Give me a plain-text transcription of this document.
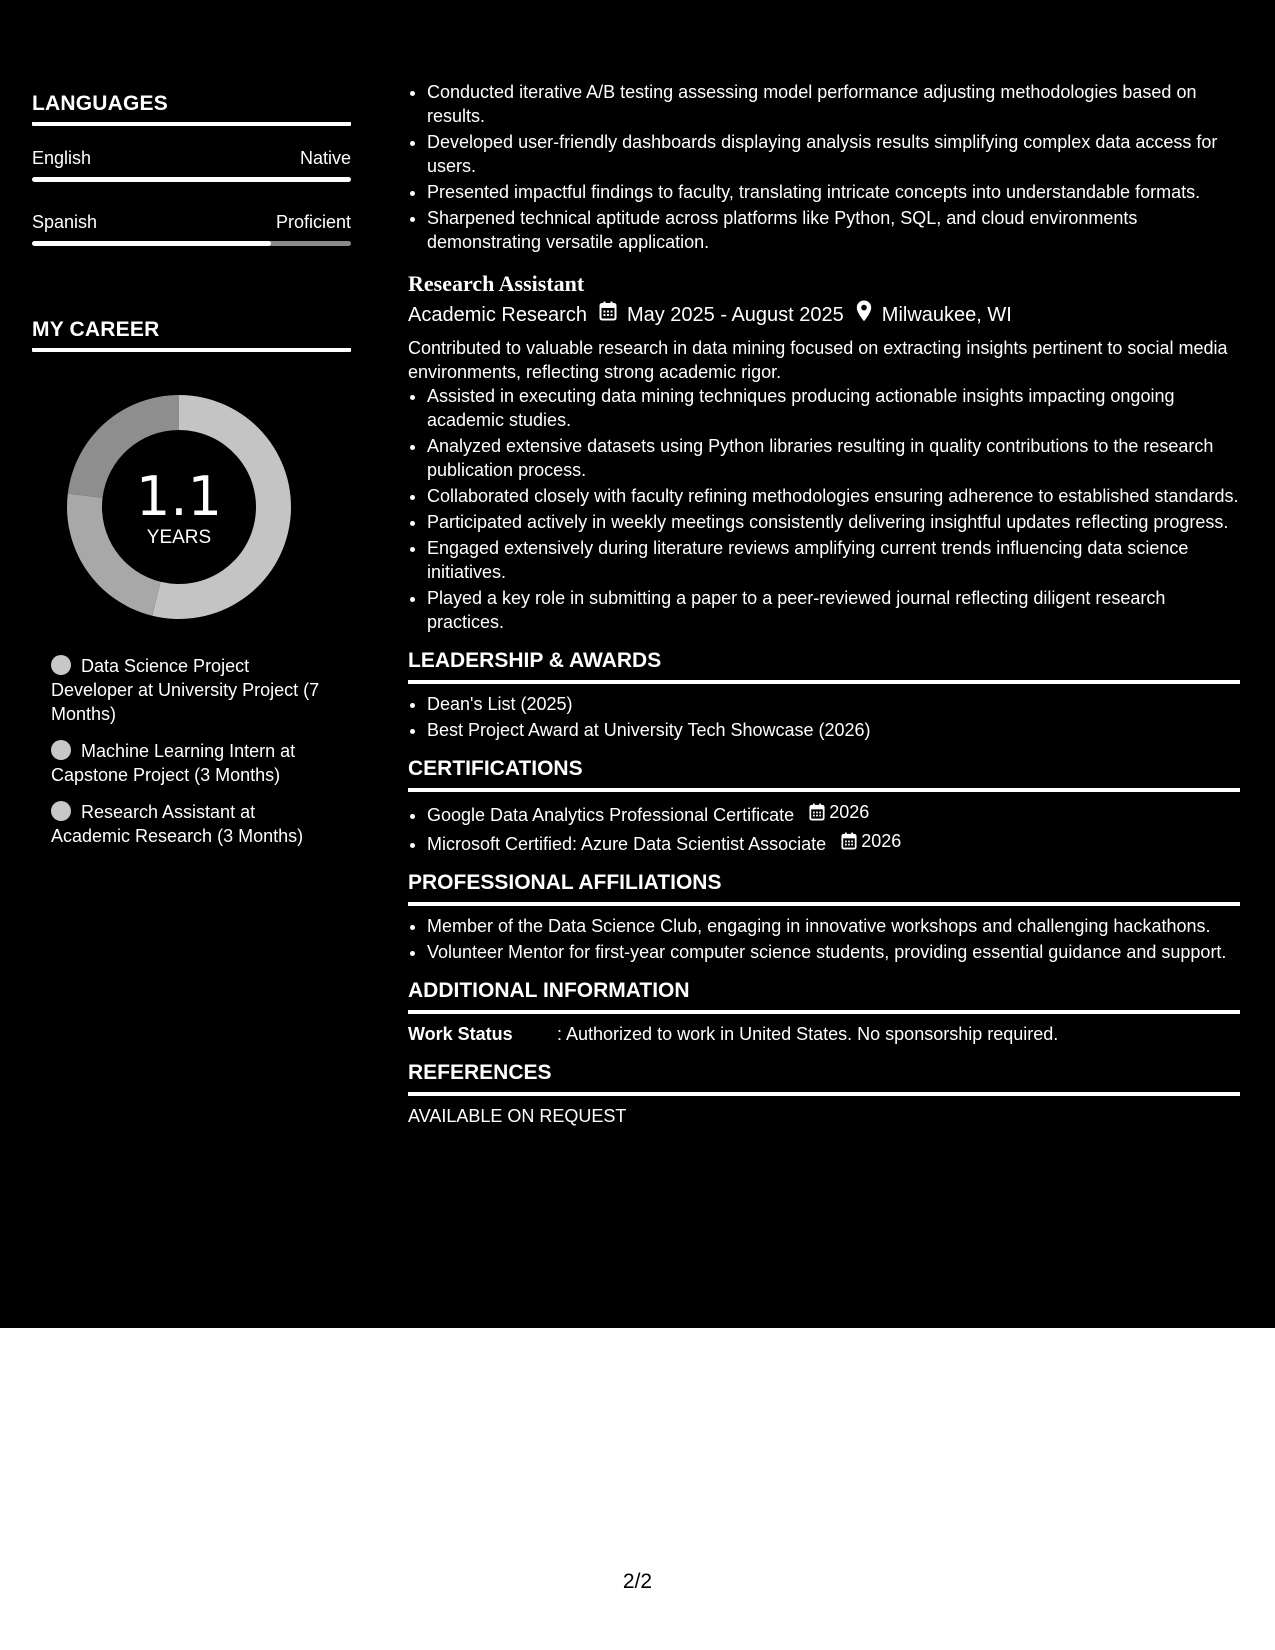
LANGUAGES
English	Native
Spanish	Proficient
MY CAREER
1.1
YEARS
Data Science Project Developer at University Project (7 Months)
Machine Learning Intern at Capstone Project (3 Months)
Research Assistant at Academic Research (3 Months)
• Conducted iterative A/B testing assessing model performance adjusting methodologies based on results.
• Developed user-friendly dashboards displaying analysis results simplifying complex data access for users.
• Presented impactful findings to faculty, translating intricate concepts into understandable formats.
• Sharpened technical aptitude across platforms like Python, SQL, and cloud environments demonstrating versatile application.
Research Assistant
Academic Research May 2025 - August 2025 Milwaukee, WI
Contributed to valuable research in data mining focused on extracting insights pertinent to social media environments, reflecting strong academic rigor.
• Assisted in executing data mining techniques producing actionable insights impacting ongoing academic studies.
• Analyzed extensive datasets using Python libraries resulting in quality contributions to the research publication process.
• Collaborated closely with faculty refining methodologies ensuring adherence to established standards.
• Participated actively in weekly meetings consistently delivering insightful updates reflecting progress.
• Engaged extensively during literature reviews amplifying current trends influencing data science initiatives.
• Played a key role in submitting a paper to a peer-reviewed journal reflecting diligent research practices.
LEADERSHIP & AWARDS
• Dean's List (2025)
• Best Project Award at University Tech Showcase (2026)
CERTIFICATIONS
• Google Data Analytics Professional Certificate 2026
• Microsoft Certified: Azure Data Scientist Associate 2026
PROFESSIONAL AFFILIATIONS
• Member of the Data Science Club, engaging in innovative workshops and challenging hackathons.
• Volunteer Mentor for first-year computer science students, providing essential guidance and support.
ADDITIONAL INFORMATION
Work Status	: Authorized to work in United States. No sponsorship required.
REFERENCES
AVAILABLE ON REQUEST
2/2
